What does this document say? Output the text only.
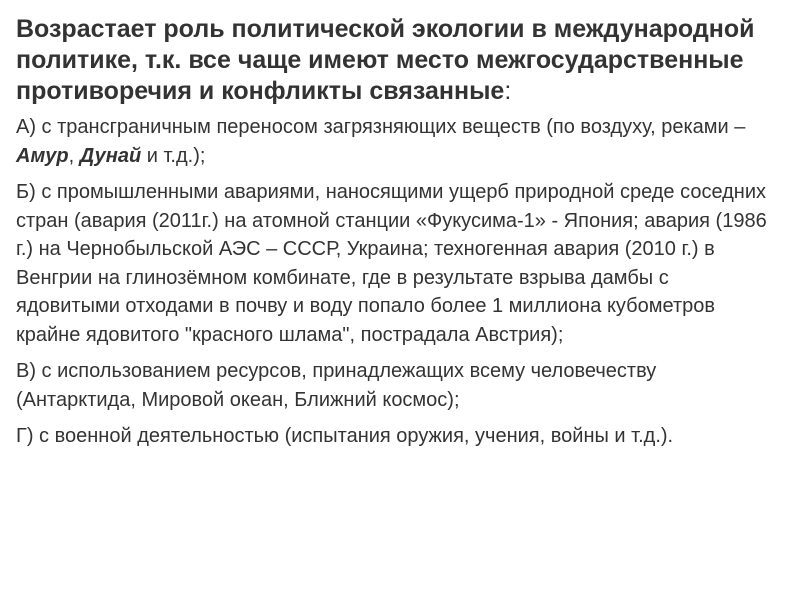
Возрастает роль политической экологии в международной политике, т.к. все чаще имеют место межгосударственные противоречия и конфликты связанные:

А) с трансграничным переносом загрязняющих веществ (по воздуху, реками – Амур, Дунай и т.д.);

Б) с промышленными авариями, наносящими ущерб природной среде соседних стран (авария (2011г.) на атомной станции «Фукусима-1» - Япония; авария (1986 г.) на Чернобыльской АЭС – СССР, Украина; техногенная авария (2010 г.) в Венгрии на глинозёмном комбинате, где в результате взрыва дамбы с ядовитыми отходами в почву и воду попало более 1 миллиона кубометров крайне ядовитого "красного шлама", пострадала Австрия);

В) с использованием ресурсов, принадлежащих всему человечеству (Антарктида, Мировой океан, Ближний космос);

Г) с военной деятельностью (испытания оружия, учения, войны и т.д.).
